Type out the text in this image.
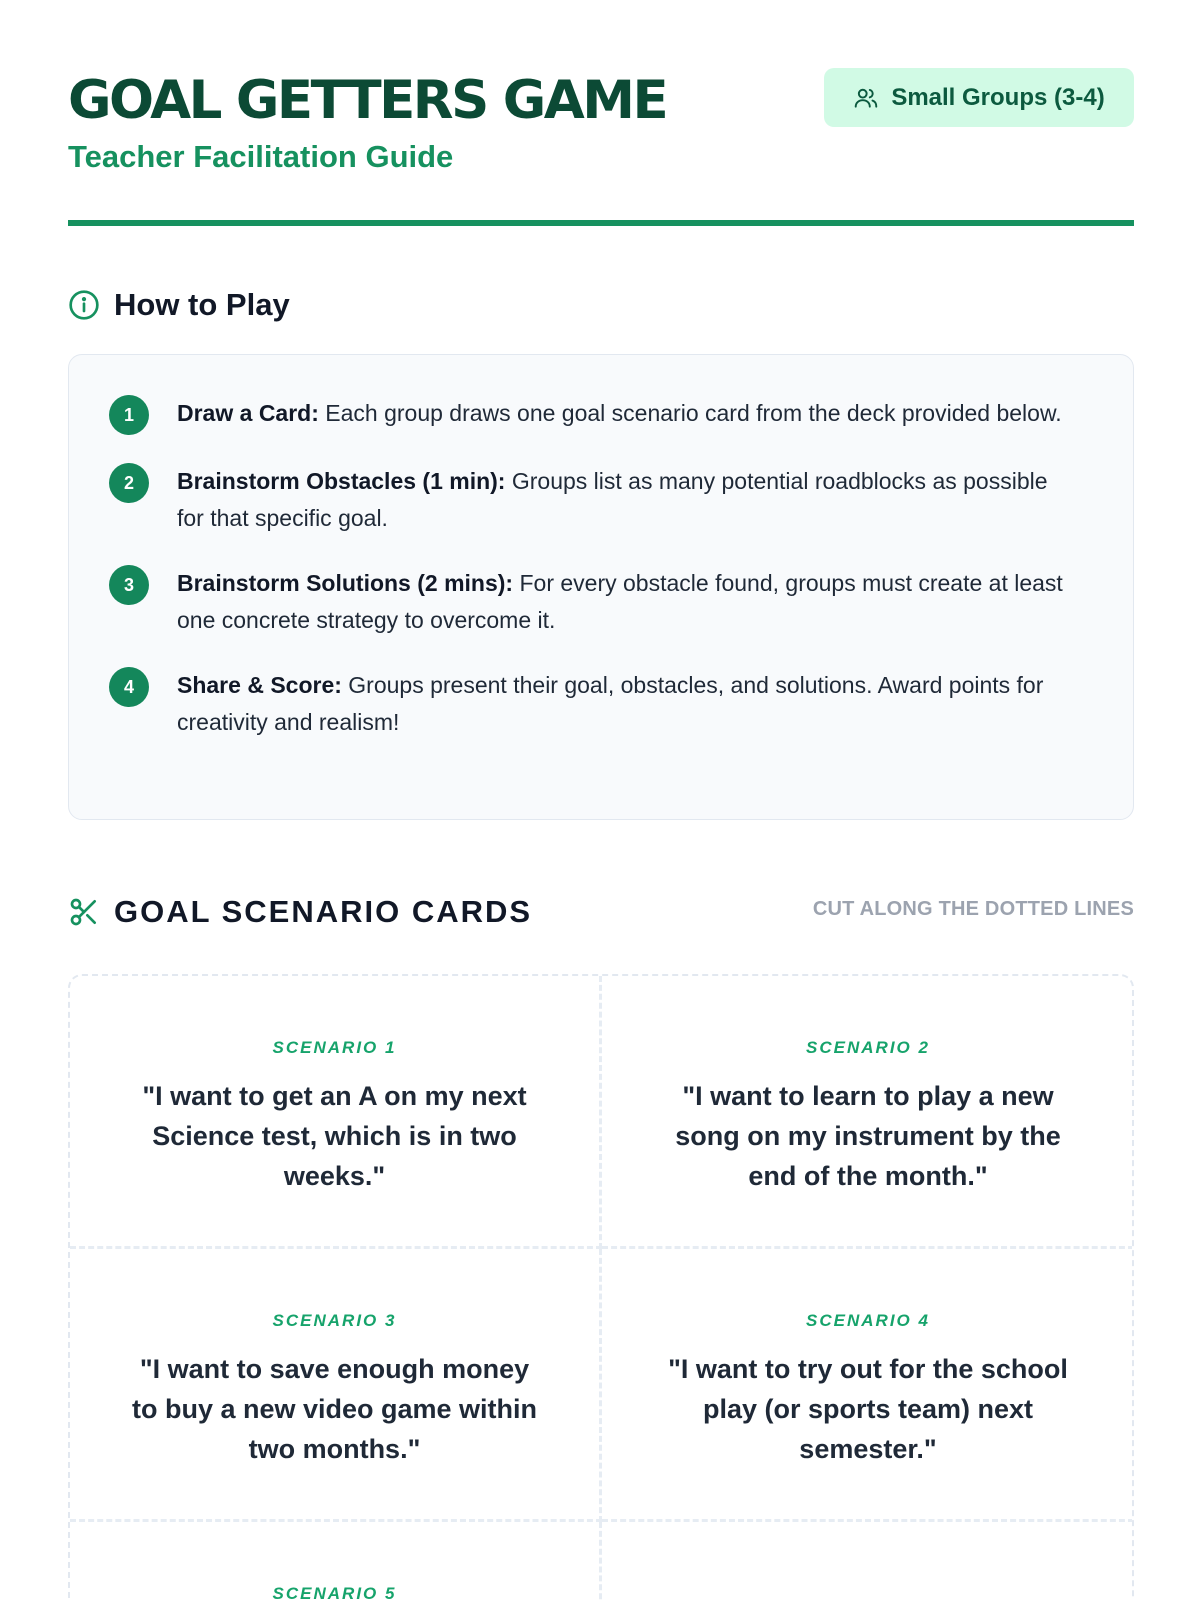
GOAL GETTERS GAME
Teacher Facilitation Guide
Small Groups (3-4)
How to Play
1	Draw a Card: Each group draws one goal scenario card from the deck provided below.
2	Brainstorm Obstacles (1 min): Groups list as many potential roadblocks as possible for that specific goal.
3	Brainstorm Solutions (2 mins): For every obstacle found, groups must create at least one concrete strategy to overcome it.
4	Share & Score: Groups present their goal, obstacles, and solutions. Award points for creativity and realism!
GOAL SCENARIO CARDS	CUT ALONG THE DOTTED LINES
SCENARIO 1
"I want to get an A on my next Science test, which is in two weeks."
SCENARIO 2
"I want to learn to play a new song on my instrument by the end of the month."
SCENARIO 3
"I want to save enough money to buy a new video game within two months."
SCENARIO 4
"I want to try out for the school play (or sports team) next semester."
SCENARIO 5
